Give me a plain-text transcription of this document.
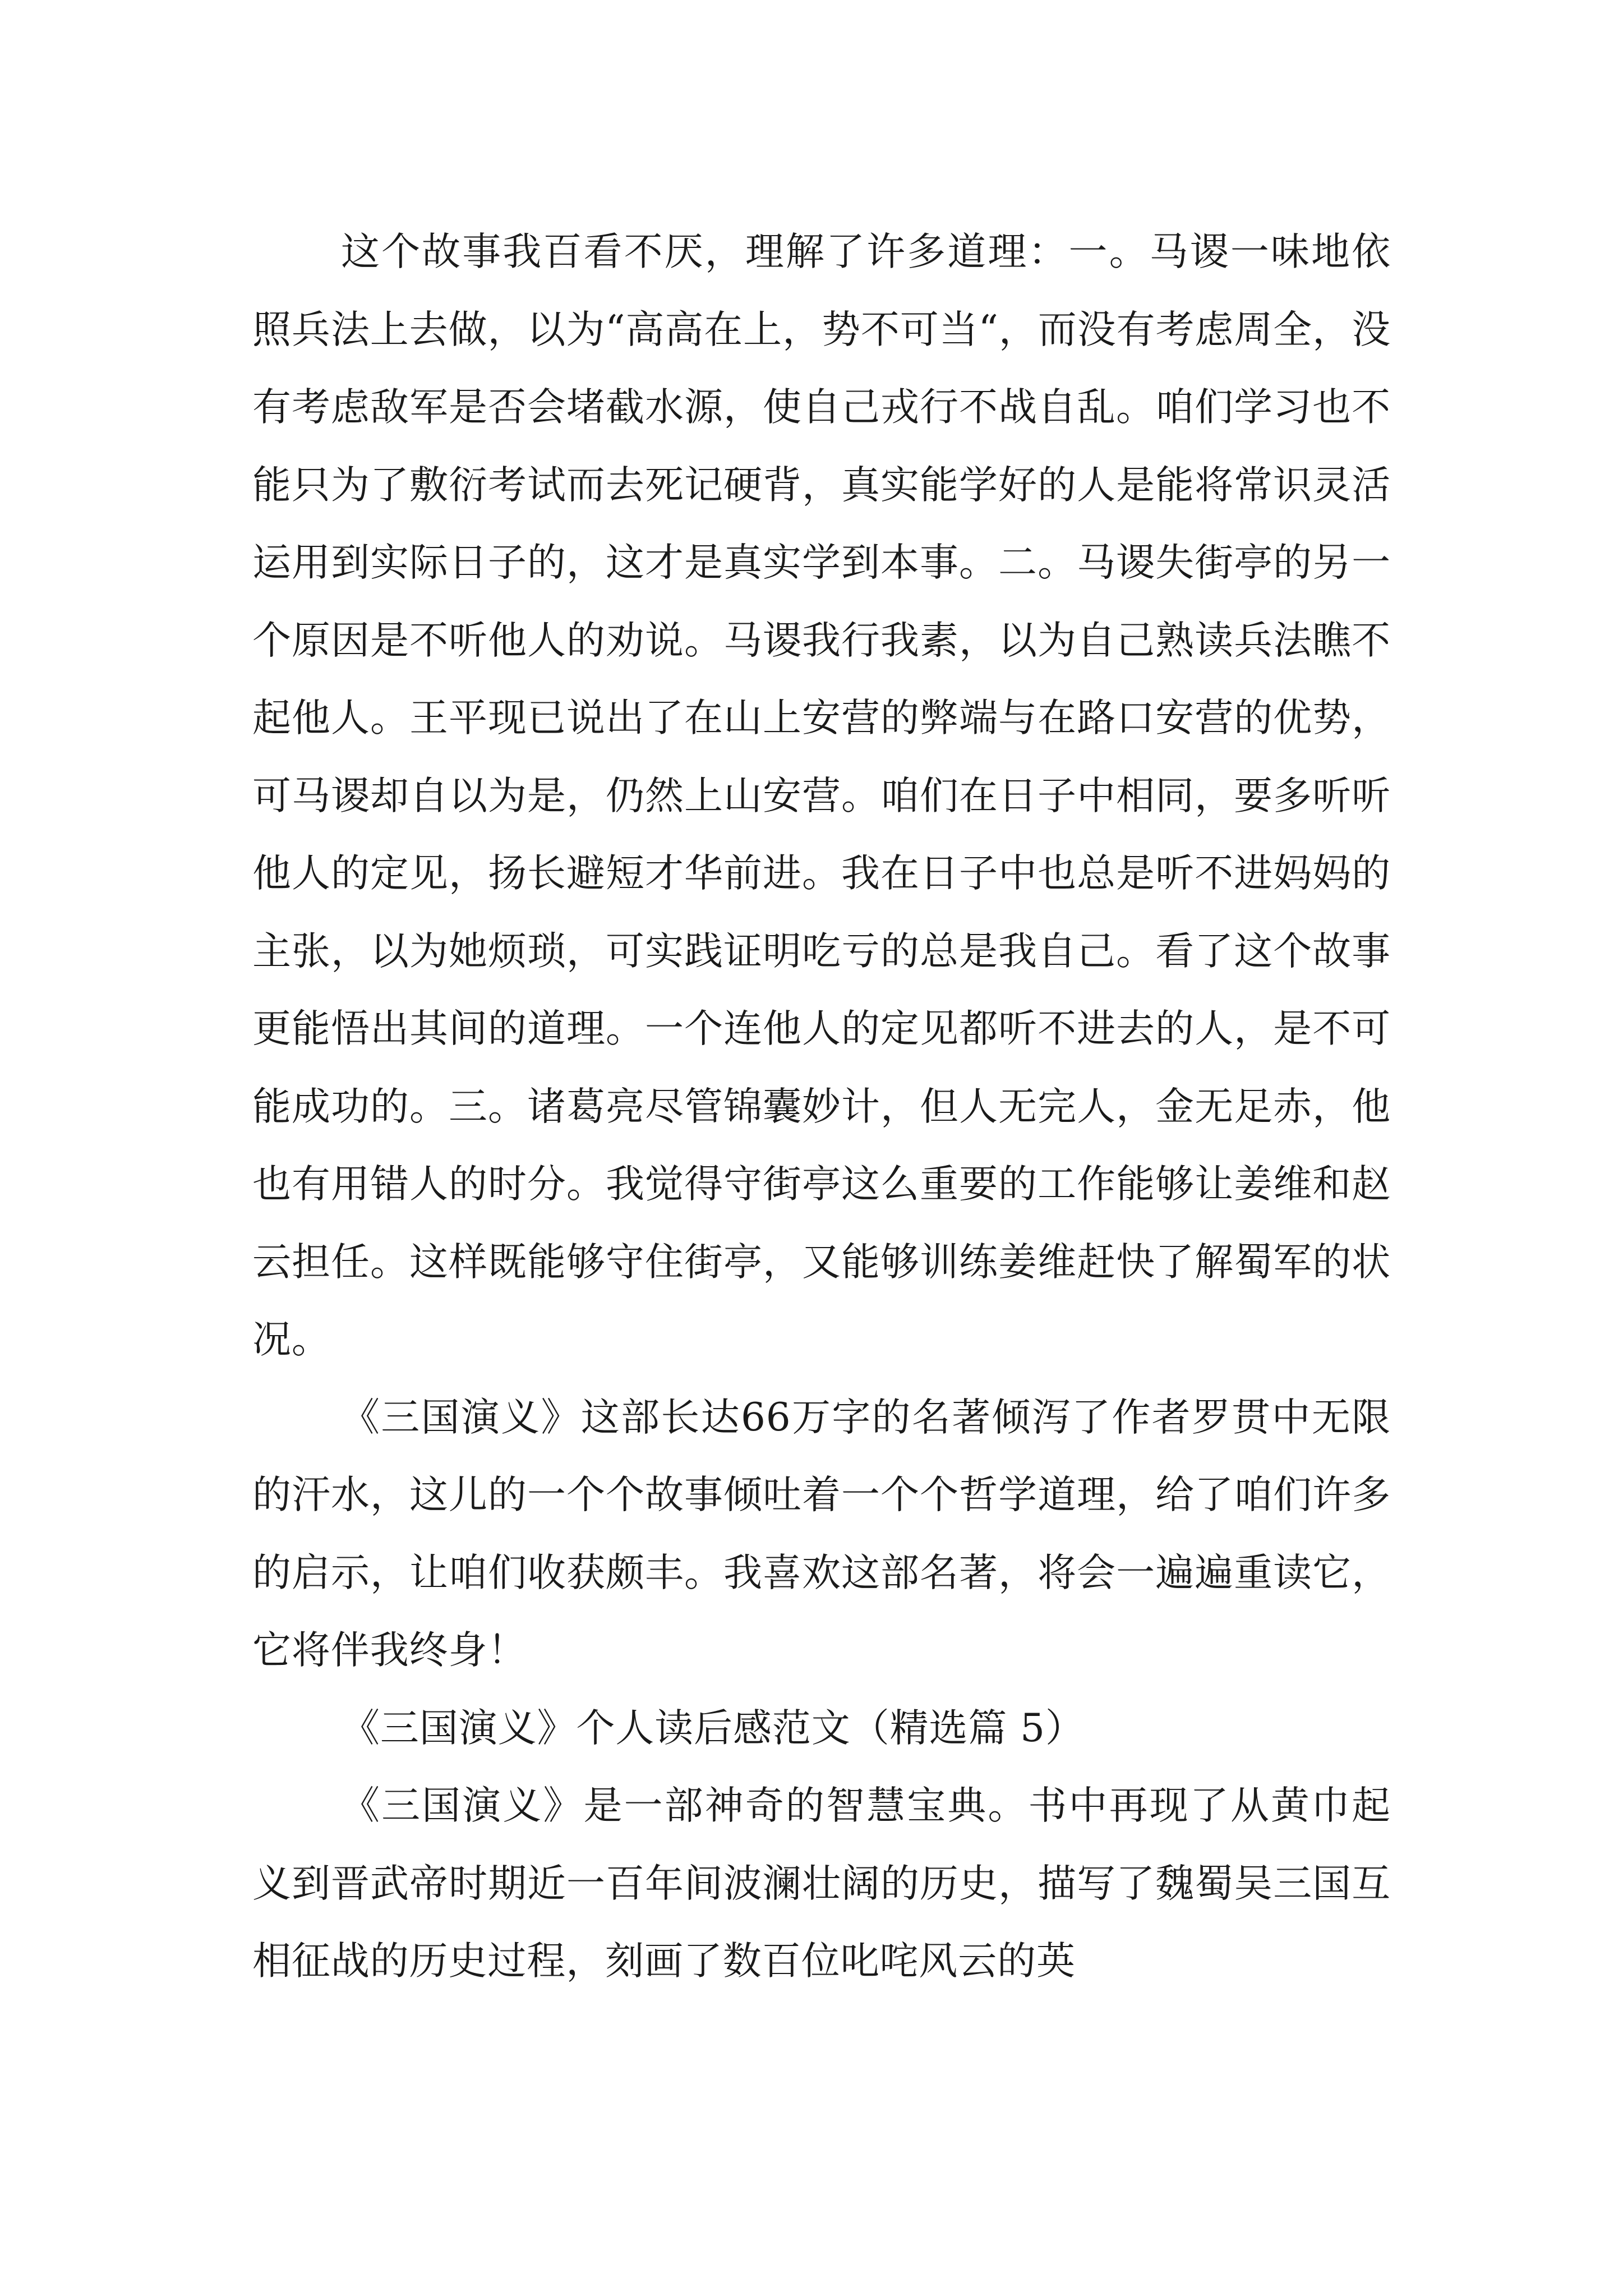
这个故事我百看不厌，理解了许多道理：一。马谡一味地依照兵法上去做，以为“高高在上，势不可当“，而没有考虑周全，没有考虑敌军是否会堵截水源，使自己戎行不战自乱。咱们学习也不能只为了敷衍考试而去死记硬背，真实能学好的人是能将常识灵活运用到实际日子的，这才是真实学到本事。二。马谡失街亭的另一个原因是不听他人的劝说。马谡我行我素，以为自己熟读兵法瞧不起他人。王平现已说出了在山上安营的弊端与在路口安营的优势，可马谡却自以为是，仍然上山安营。咱们在日子中相同，要多听听他人的定见，扬长避短才华前进。我在日子中也总是听不进妈妈的主张，以为她烦琐，可实践证明吃亏的总是我自己。看了这个故事更能悟出其间的道理。一个连他人的定见都听不进去的人，是不可能成功的。三。诸葛亮尽管锦囊妙计，但人无完人，金无足赤，他也有用错人的时分。我觉得守街亭这么重要的工作能够让姜维和赵云担任。这样既能够守住街亭，又能够训练姜维赶快了解蜀军的状况。

《三国演义》这部长达66万字的名著倾泻了作者罗贯中无限的汗水，这儿的一个个故事倾吐着一个个哲学道理，给了咱们许多的启示，让咱们收获颇丰。我喜欢这部名著，将会一遍遍重读它，它将伴我终身！

《三国演义》个人读后感范文（精选篇 5）

《三国演义》是一部神奇的智慧宝典。书中再现了从黄巾起义到晋武帝时期近一百年间波澜壮阔的历史，描写了魏蜀吴三国互相征战的历史过程，刻画了数百位叱咤风云的英
